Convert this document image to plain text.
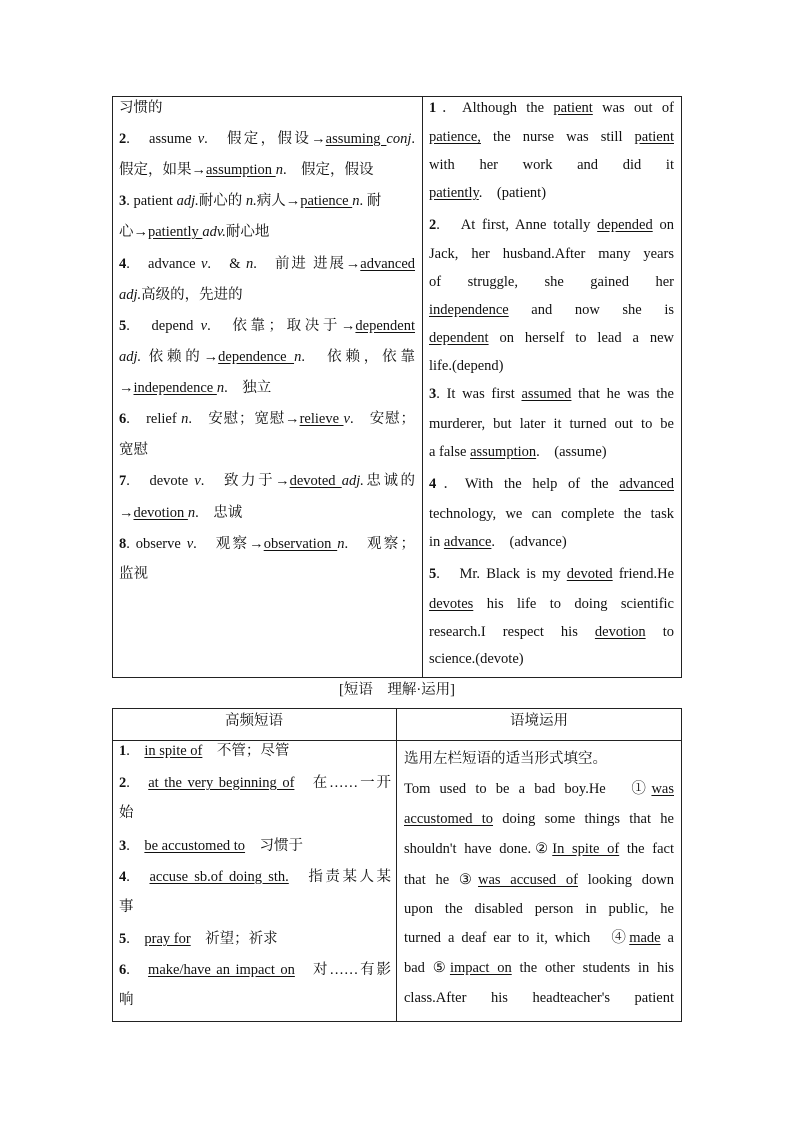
习惯的
2.　assume v.　假定，假设→assuming conj.
假定，如果→assumption n.　假定，假设
3. patient adj.耐心的 n.病人→patience n. 耐
心→patiently adv.耐心地
4.　advance v.　& n.　前进 进展→advanced
adj.高级的，先进的
5.　depend v.　依靠；取决于→dependent
adj. 依赖的→dependence n.　依赖，依靠
→independence n.　独立
6.　relief n.　安慰；宽慰→relieve v.　安慰；
宽慰
7.　devote v.　致力于→devoted adj.忠诚的
→devotion n.　忠诚
8. observe v.　观察→observation n.　观察；
监视
1．Although the patient was out of
patience, the nurse was still patient
with her work and did it
patiently.　(patient)
2.　At first, Anne totally depended on
Jack, her husband.After many years
of struggle, she gained her
independence and now she is
dependent on herself to lead a new
life.(depend)
3. It was first assumed that he was the
murderer, but later it turned out to be
a false assumption.　(assume)
4．With the help of the advanced
technology, we can complete the task
in advance.　(advance)
5.　Mr. Black is my devoted friend.He
devotes his life to doing scientific
research.I respect his devotion to
science.(devote)
[短语　理解·运用]
高频短语	语境运用
1.　in spite of　不管；尽管
2.　at the very beginning of　在……一开
始
3.　be accustomed to　习惯于
4.　accuse sb.of doing sth.　指责某人某
事
5.　pray for　祈望；祈求
6.　make/have an impact on　对……有影
响
选用左栏短语的适当形式填空。
Tom used to be a bad boy.He　①was
accustomed to doing some things that he
shouldn't have done.②In spite of the fact
that he ③was accused of looking down
upon the disabled person in public, he
turned a deaf ear to it, which　④made a
bad ⑤impact on the other students in his
class.After his headteacher's patient
